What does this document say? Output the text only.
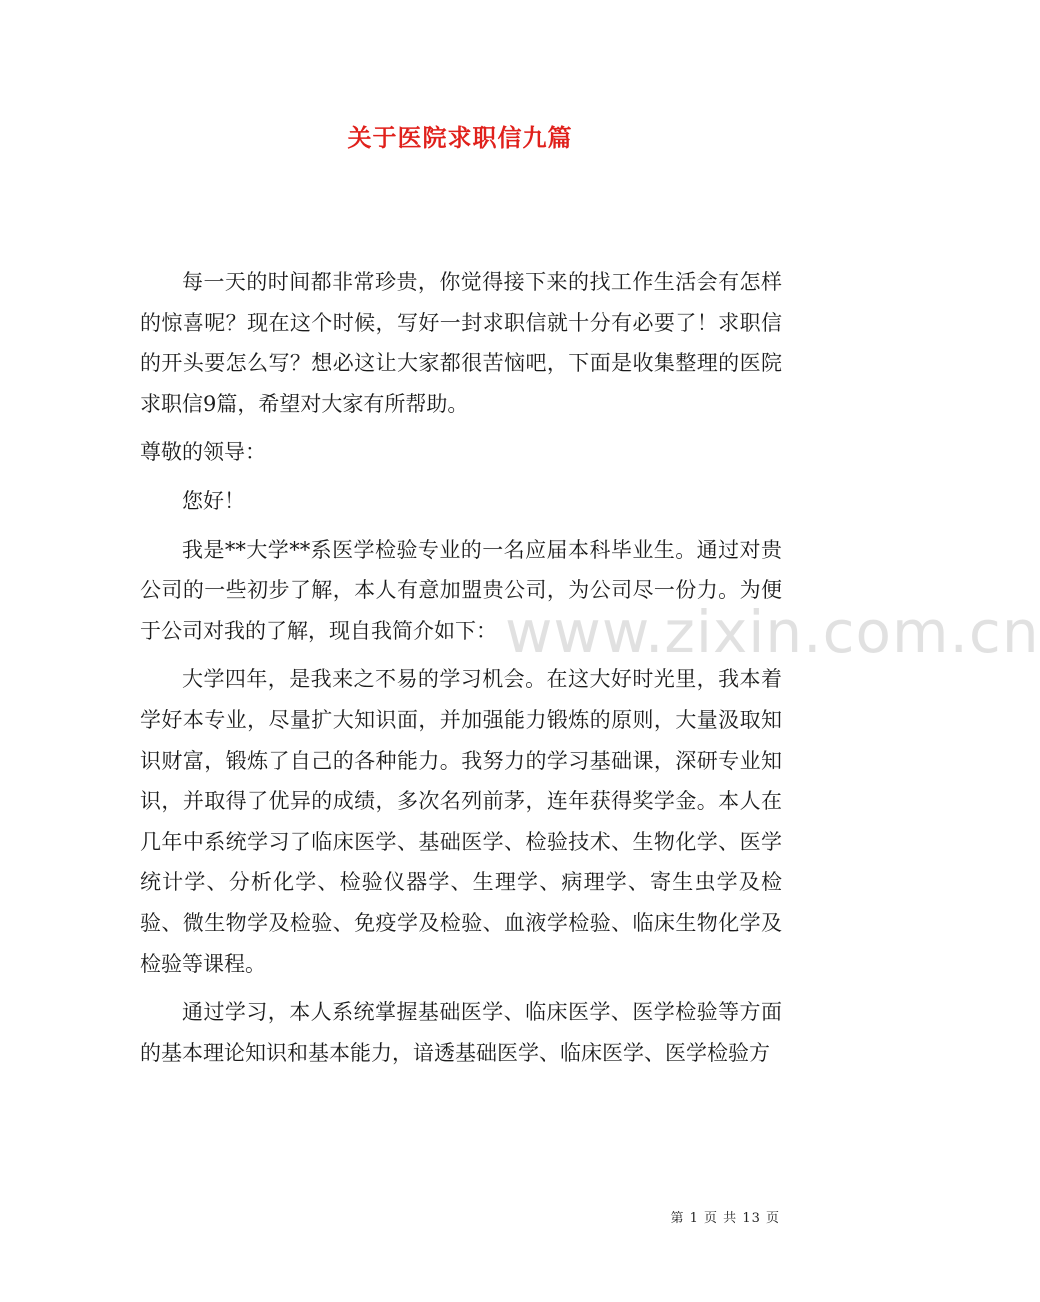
关于医院求职信九篇

每一天的时间都非常珍贵，你觉得接下来的找工作生活会有怎样的惊喜呢？现在这个时候，写好一封求职信就十分有必要了！求职信的开头要怎么写？想必这让大家都很苦恼吧，下面是收集整理的医院求职信9篇，希望对大家有所帮助。

尊敬的领导：

您好！

我是**大学**系医学检验专业的一名应届本科毕业生。通过对贵公司的一些初步了解，本人有意加盟贵公司，为公司尽一份力。为便于公司对我的了解，现自我简介如下：

大学四年，是我来之不易的学习机会。在这大好时光里，我本着学好本专业，尽量扩大知识面，并加强能力锻炼的原则，大量汲取知识财富，锻炼了自己的各种能力。我努力的学习基础课，深研专业知识，并取得了优异的成绩，多次名列前茅，连年获得奖学金。本人在几年中系统学习了临床医学、基础医学、检验技术、生物化学、医学统计学、分析化学、检验仪器学、生理学、病理学、寄生虫学及检验、微生物学及检验、免疫学及检验、血液学检验、临床生物化学及检验等课程。

通过学习，本人系统掌握基础医学、临床医学、医学检验等方面的基本理论知识和基本能力，谙透基础医学、临床医学、医学检验方

www.zixin.com.cn
第 1 页 共 13 页
